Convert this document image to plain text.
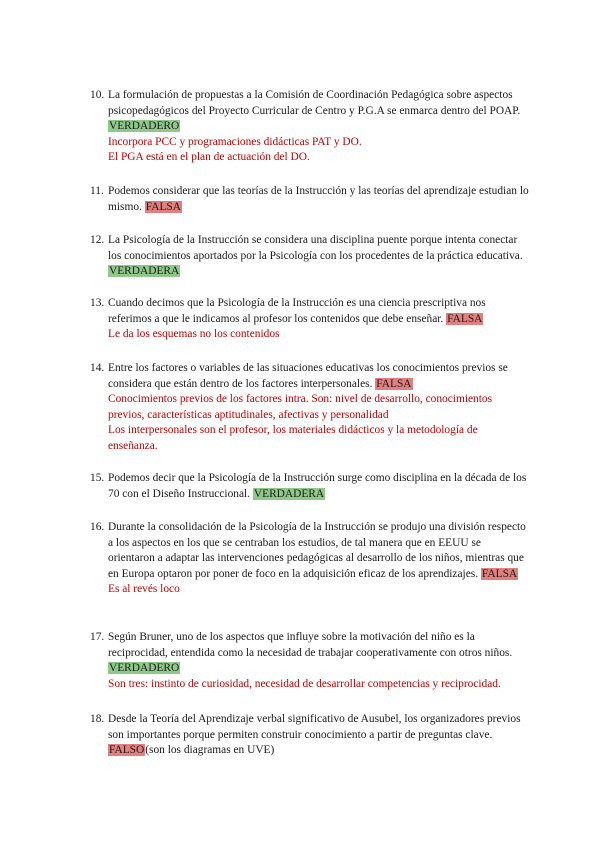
10. La formulación de propuestas a la Comisión de Coordinación Pedagógica sobre aspectos psicopedagógicos del Proyecto Curricular de Centro y P.G.A se enmarca dentro del POAP. VERDADERO
Incorpora PCC y programaciones didácticas PAT y DO.
El PGA está en el plan de actuación del DO.
11. Podemos considerar que las teorías de la Instrucción y las teorías del aprendizaje estudian lo mismo. FALSA
12. La Psicología de la Instrucción se considera una disciplina puente porque intenta conectar los conocimientos aportados por la Psicología con los procedentes de la práctica educativa. VERDADERA
13. Cuando decimos que la Psicología de la Instrucción es una ciencia prescriptiva nos referimos a que le indicamos al profesor los contenidos que debe enseñar. FALSA
Le da los esquemas no los contenidos
14. Entre los factores o variables de las situaciones educativas los conocimientos previos se considera que están dentro de los factores interpersonales. FALSA
Conocimientos previos de los factores intra. Son: nivel de desarrollo, conocimientos previos, características aptitudinales, afectivas y personalidad
Los interpersonales son el profesor, los materiales didácticos y la metodología de enseñanza.
15. Podemos decir que la Psicología de la Instrucción surge como disciplina en la década de los 70 con el Diseño Instruccional. VERDADERA
16. Durante la consolidación de la Psicología de la Instrucción se produjo una división respecto a los aspectos en los que se centraban los estudios, de tal manera que en EEUU se orientaron a adaptar las intervenciones pedagógicas al desarrollo de los niños, mientras que en Europa optaron por poner de foco en la adquisición eficaz de los aprendizajes. FALSA
Es al revés loco
17. Según Bruner, uno de los aspectos que influye sobre la motivación del niño es la reciprocidad, entendida como la necesidad de trabajar cooperativamente con otros niños. VERDADERO
Son tres: instinto de curiosidad, necesidad de desarrollar competencias y reciprocidad.
18. Desde la Teoría del Aprendizaje verbal significativo de Ausubel, los organizadores previos son importantes porque permiten construir conocimiento a partir de preguntas clave. FALSO(son los diagramas en UVE)
